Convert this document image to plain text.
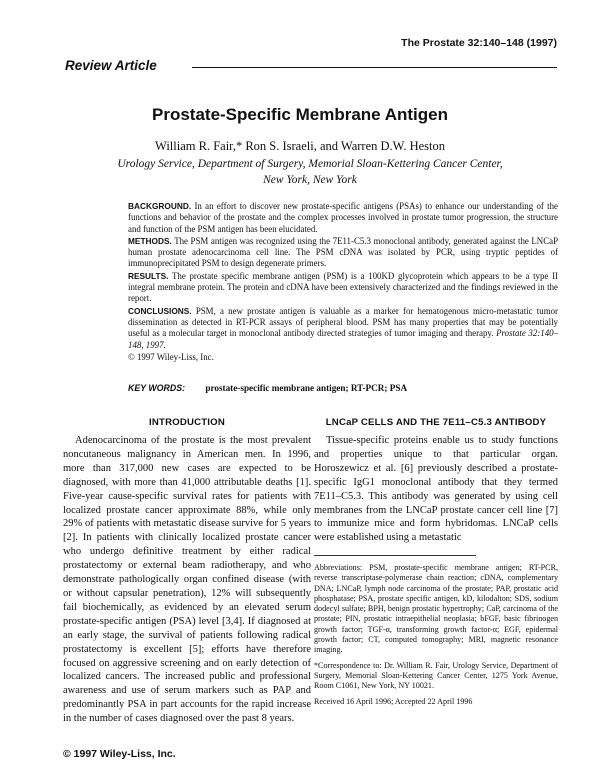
The Prostate 32:140–148 (1997)
Review Article
Prostate-Specific Membrane Antigen
William R. Fair,* Ron S. Israeli, and Warren D.W. Heston
Urology Service, Department of Surgery, Memorial Sloan-Kettering Cancer Center, New York, New York

BACKGROUND. In an effort to discover new prostate-specific antigens (PSAs) to enhance our understanding of the functions and behavior of the prostate and the complex processes involved in prostate tumor progression, the structure and function of the PSM antigen has been elucidated.

METHODS. The PSM antigen was recognized using the 7E11-C5.3 monoclonal antibody, generated against the LNCaP human prostate adenocarcinoma cell line. The PSM cDNA was isolated by PCR, using tryptic peptides of immunoprecipitated PSM to design degenerate primers.

RESULTS. The prostate specific membrane antigen (PSM) is a 100KD glycoprotein which appears to be a type II integral membrane protein. The protein and cDNA have been extensively characterized and the findings reviewed in the report.

CONCLUSIONS. PSM, a new prostate antigen is valuable as a marker for hematogenous micro-metastatic tumor dissemination as detected in RT-PCR assays of peripheral blood. PSM has many properties that may be potentially useful as a molecular target in monoclonal antibody directed strategies of tumor imaging and therapy. Prostate 32:140–148, 1997.

© 1997 Wiley-Liss, Inc.

KEY WORDS: prostate-specific membrane antigen; RT-PCR; PSA
INTRODUCTION
Adenocarcinoma of the prostate is the most prevalent noncutaneous malignancy in American men. In 1996, more than 317,000 new cases are expected to be diagnosed, with more than 41,000 attributable deaths [1]. Five-year cause-specific survival rates for patients with localized prostate cancer approximate 88%, while only 29% of patients with metastatic disease survive for 5 years [2]. In patients with clinically localized prostate cancer who undergo definitive treatment by either radical prostatectomy or external beam radiotherapy, and who demonstrate pathologically organ confined disease (with or without capsular penetration), 12% will subsequently fail biochemically, as evidenced by an elevated serum prostate-specific antigen (PSA) level [3,4]. If diagnosed at an early stage, the survival of patients following radical prostatectomy is excellent [5]; efforts have therefore focused on aggressive screening and on early detection of localized cancers. The increased public and professional awareness and use of serum markers such as PAP and predominantly PSA in part accounts for the rapid increase in the number of cases diagnosed over the past 8 years.
LNCaP CELLS AND THE 7E11–C5.3 ANTIBODY
Tissue-specific proteins enable us to study functions and properties unique to that particular organ. Horoszewicz et al. [6] previously described a prostate-specific IgG1 monoclonal antibody that they termed 7E11–C5.3. This antibody was generated by using cell membranes from the LNCaP prostate cancer cell line [7] to immunize mice and form hybridomas. LNCaP cells were established using a metastatic

Abbreviations: PSM, prostate-specific membrane antigen; RT-PCR, reverse transcriptase-polymerase chain reaction; cDNA, complementary DNA; LNCaP, lymph node carcinoma of the prostate; PAP, prostatic acid phosphatase; PSA, prostate specific antigen, kD, kilodalton; SDS, sodium dodecyl sulfate; BPH, benign prostatic hypertrophy; CaP, carcinoma of the prostate; PIN, prostatic intraepithelial neoplasia; bFGF, basic fibrinogen growth factor; TGF-α, transforming growth factor-α; EGF, epidermal growth factor; CT, computed tomography; MRI, magnetic resonance imaging.

*Correspondence to: Dr. William R. Fair, Urology Service, Department of Surgery, Memorial Sloan-Kettering Cancer Center, 1275 York Avenue, Room C1061, New York, NY 10021.

Received 16 April 1996; Accepted 22 April 1996

© 1997 Wiley-Liss, Inc.
